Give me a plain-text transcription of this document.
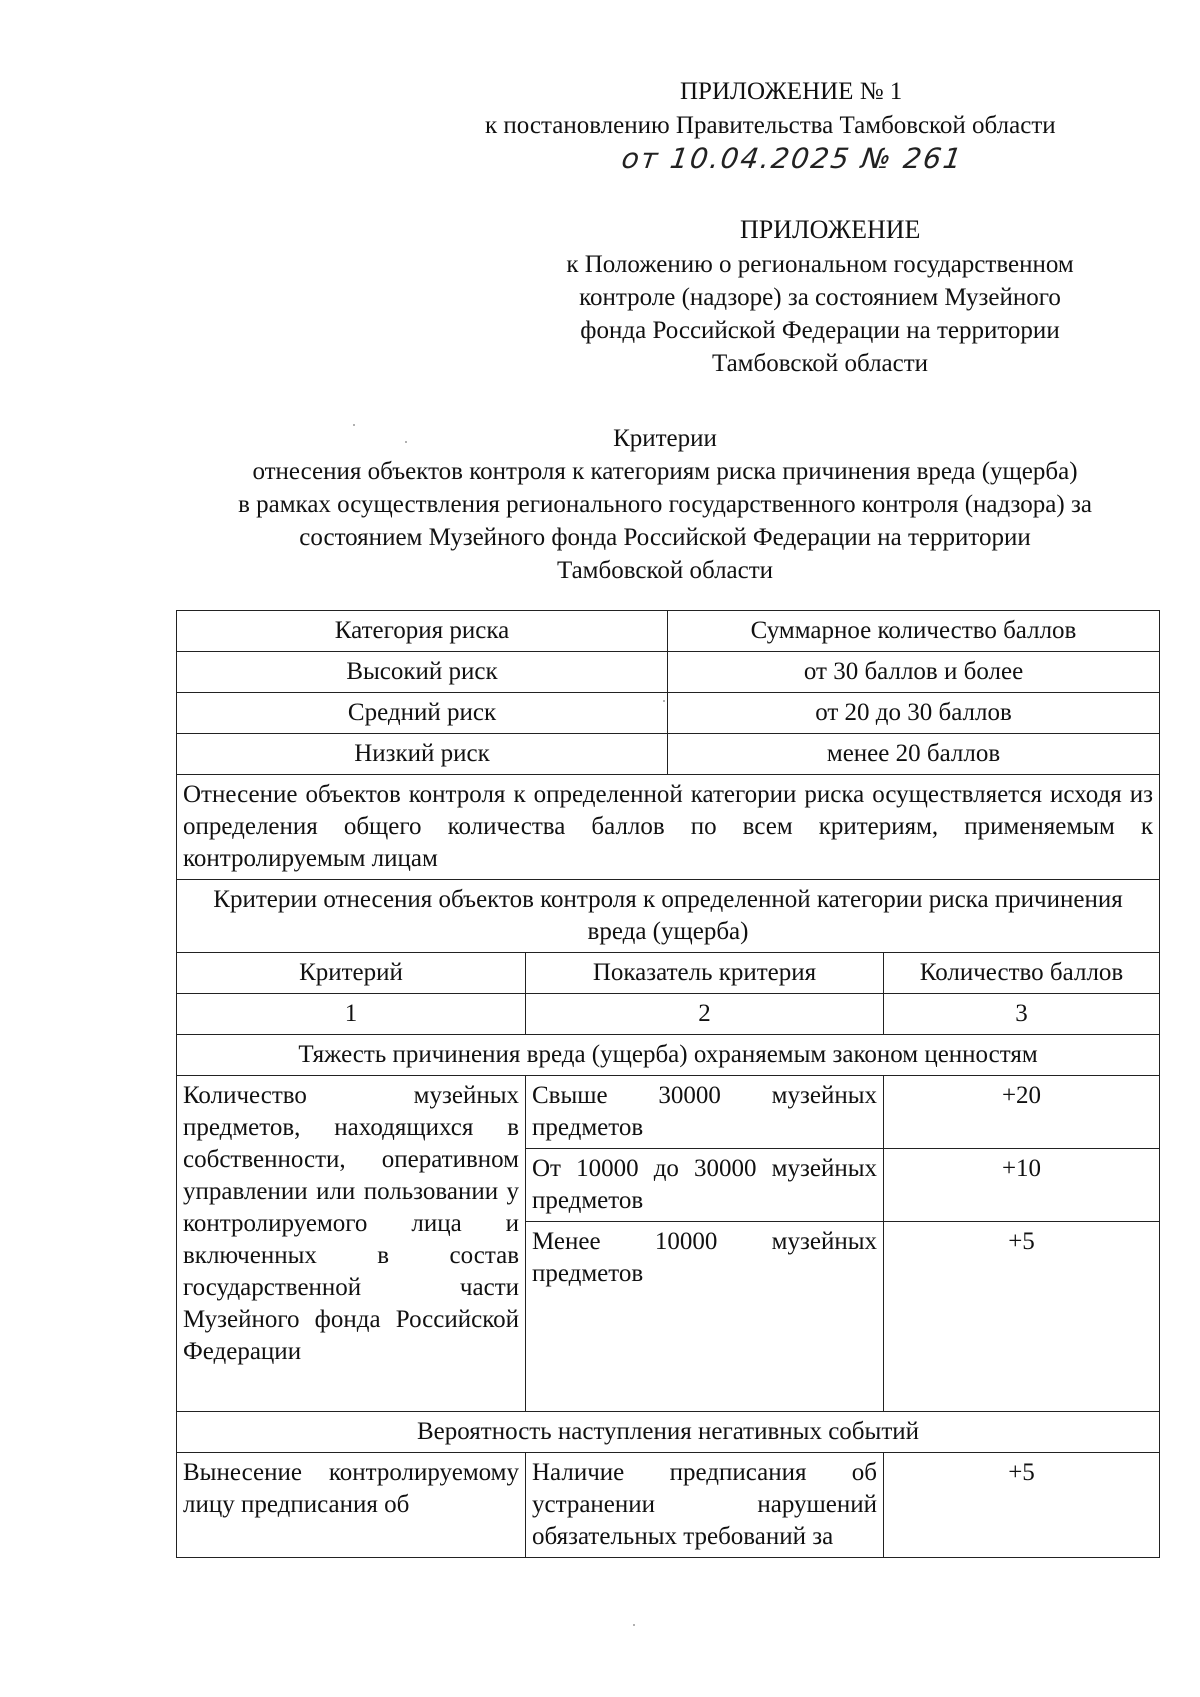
ПРИЛОЖЕНИЕ № 1
к постановлению Правительства Тамбовской области
от 10.04.2025 № 261
ПРИЛОЖЕНИЕ
к Положению о региональном государственном
контроле (надзоре) за состоянием Музейного
фонда Российской Федерации на территории
Тамбовской области
Критерии
отнесения объектов контроля к категориям риска причинения вреда (ущерба)
в рамках осуществления регионального государственного контроля (надзора) за
состоянием Музейного фонда Российской Федерации на территории
Тамбовской области
Категория риска		Суммарное количество баллов	
Высокий риск		от 30 баллов и более	
Средний риск		от 20 до 30 баллов	
Низкий риск		менее 20 баллов	
Отнесение объектов контроля к определенной категории риска осуществляется исходя из определения общего количества баллов по всем критериям, применяемым к контролируемым лицам			
Критерии отнесения объектов контроля к определенной категории риска причинения вреда (ущерба)			
Критерий	Показатель критерия		Количество баллов
1	2		3
Тяжесть причинения вреда (ущерба) охраняемым законом ценностям			
Количество музейных предметов, находящихся в собственности, оперативном управлении или пользовании у контролируемого лица и включенных в состав государственной части Музейного фонда Российской Федерации	Свыше 30000 музейных предметов		+20
	От 10000 до 30000 музейных предметов		+10
	Менее 10000 музейных предметов		+5
Вероятность наступления негативных событий			
Вынесение контролируемому лицу предписания об	Наличие предписания об устранении нарушений обязательных требований за		+5
